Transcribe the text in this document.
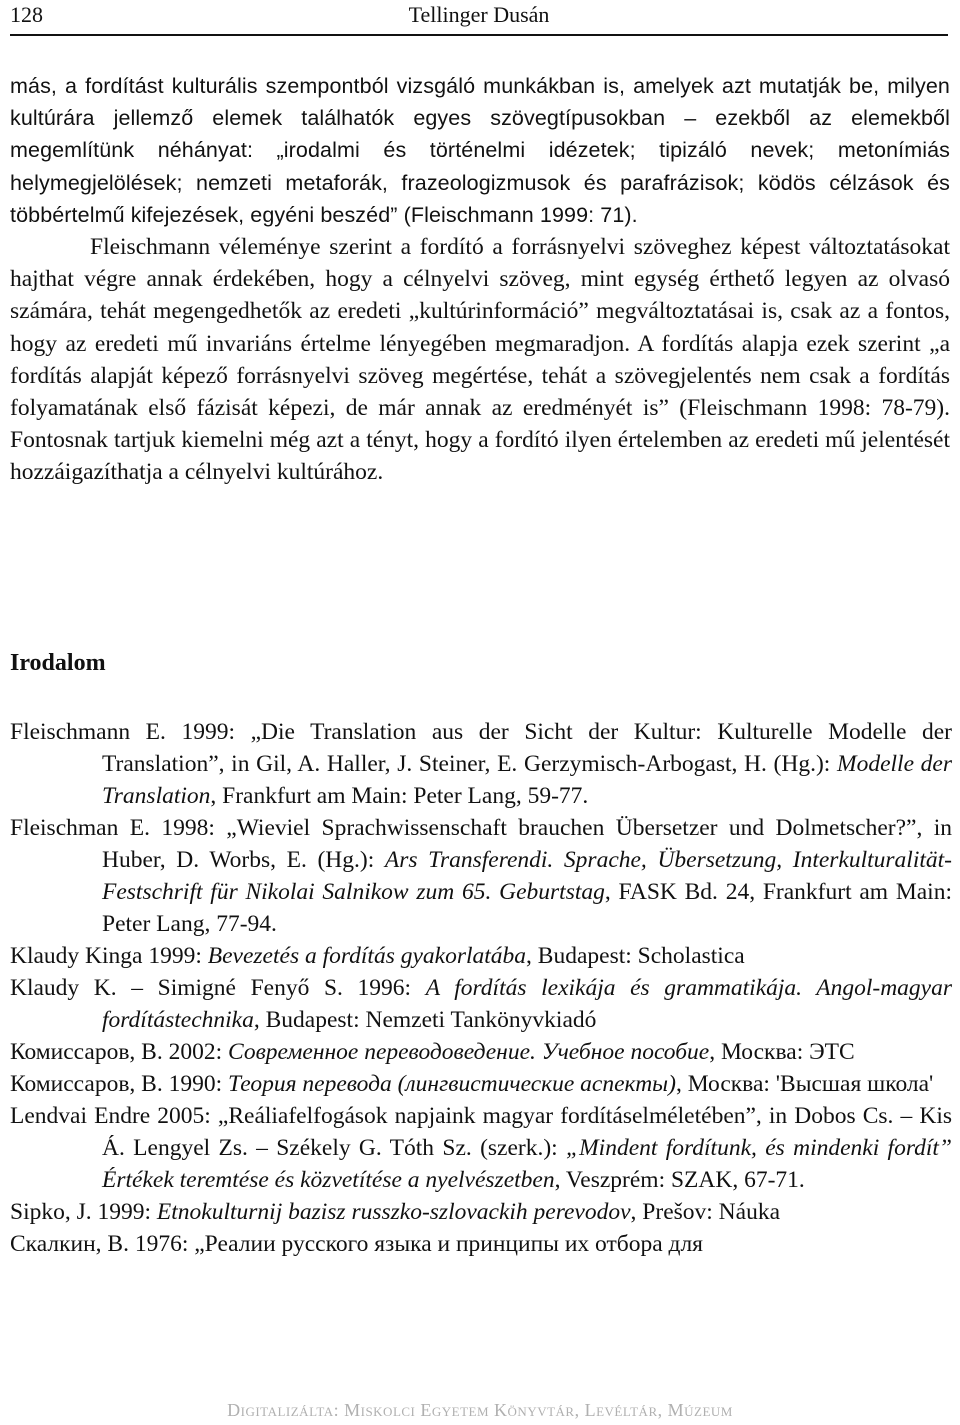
128	Tellinger Dusán

más, a fordítást kulturális szempontból vizsgáló munkákban is, amelyek azt mutatják be, milyen kultúrára jellemző elemek találhatók egyes szövegtípusokban – ezekből az elemekből megemlítünk néhányat: „irodalmi és történelmi idézetek; tipizáló nevek; metonímiás helymegjelölések; nemzeti metaforák, frazeologizmusok és parafrázisok; ködös célzások és többértelmű kifejezések, egyéni beszéd” (Fleischmann 1999: 71).

Fleischmann véleménye szerint a fordító a forrásnyelvi szöveghez képest változtatásokat hajthat végre annak érdekében, hogy a célnyelvi szöveg, mint egység érthető legyen az olvasó számára, tehát megengedhetők az eredeti „kultúrinformáció” megváltoztatásai is, csak az a fontos, hogy az eredeti mű invariáns értelme lényegében megmaradjon. A fordítás alapja ezek szerint „a fordítás alapját képező forrásnyelvi szöveg megértése, tehát a szövegjelentés nem csak a fordítás folyamatának első fázisát képezi, de már annak az eredményét is” (Fleischmann 1998: 78-79). Fontosnak tartjuk kiemelni még azt a tényt, hogy a fordító ilyen értelemben az eredeti mű jelentését hozzáigazíthatja a célnyelvi kultúrához.

Irodalom

Fleischmann E. 1999: „Die Translation aus der Sicht der Kultur: Kulturelle Modelle der Translation”, in Gil, A. Haller, J. Steiner, E. Gerzymisch-Arbogast, H. (Hg.): Modelle der Translation, Frankfurt am Main: Peter Lang, 59-77.

Fleischman E. 1998: „Wieviel Sprachwissenschaft brauchen Übersetzer und Dolmetscher?”, in Huber, D. Worbs, E. (Hg.): Ars Transferendi. Sprache, Übersetzung, Interkulturalität-Festschrift für Nikolai Salnikow zum 65. Geburtstag, FASK Bd. 24, Frankfurt am Main: Peter Lang, 77-94.

Klaudy Kinga 1999: Bevezetés a fordítás gyakorlatába, Budapest: Scholastica

Klaudy K. – Simigné Fenyő S. 1996: A fordítás lexikája és grammatikája. Angol-magyar fordítástechnika, Budapest: Nemzeti Tankönyvkiadó

Комиссаров, В. 2002: Современное переводоведение. Учебное пособие, Москва: ЭТС

Комиссаров, В. 1990: Теория перевода (лингвистические аспекты), Москва: 'Высшая школа'

Lendvai Endre 2005: „Reáliafelfogások napjaink magyar fordításelméletében”, in Dobos Cs. – Kis Á. Lengyel Zs. – Székely G. Tóth Sz. (szerk.): „Mindent fordítunk, és mindenki fordít” Értékek teremtése és közvetítése a nyelvészetben, Veszprém: SZAK, 67-71.

Sipko, J. 1999: Etnokulturnij bazisz russzko-szlovackih perevodov, Prešov: Náuka

Скалкин, В. 1976: „Реалии русского языка и принципы их отбора для

Digitalizálta: Miskolci Egyetem Könyvtár, Levéltár, Múzeum
